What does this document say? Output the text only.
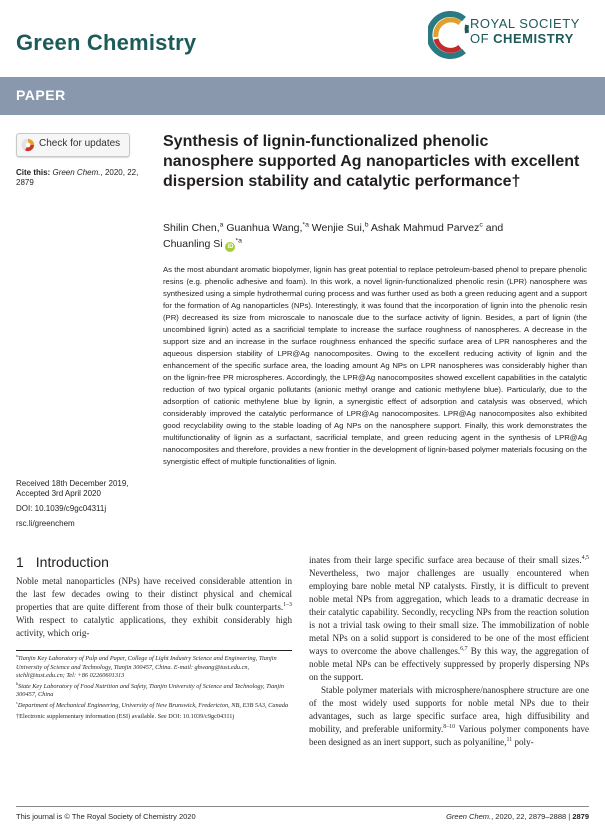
Green Chemistry
ROYAL SOCIETY
OF CHEMISTRY
PAPER
Check for updates
Cite this: Green Chem., 2020, 22,
2879
Received 18th December 2019,
Accepted 3rd April 2020
DOI: 10.1039/c9gc04311j
rsc.li/greenchem
Synthesis of lignin-functionalized phenolic nanosphere supported Ag nanoparticles with excellent dispersion stability and catalytic performance†
Shilin Chen,$^a$ Guanhua Wang,$^{*a}$ Wenjie Sui,$^b$ Ashak Mahmud Parvez$^c$ and
Chuanling Si $iD^{*a}$
As the most abundant aromatic biopolymer, lignin has great potential to replace petroleum-based phenol to prepare phenolic resins (e.g. phenolic adhesive and foam). In this work, a novel lignin-functionalized phenolic resin (LPR) nanosphere was synthesized using a simple hydrothermal curing process and was further used as both a green reducing agent and a support for the formation of Ag nanoparticles (NPs). Interestingly, it was found that the incorporation of lignin into the phenolic resin (PR) decreased its size from microscale to nanoscale due to the surface activity of lignin. Besides, a part of lignin (the uncombined lignin) acted as a sacrificial template to increase the surface roughness of nanospheres. A decrease in the support size and an increase in the surface roughness enhanced the specific surface area of LPR nanospheres and the aqueous dispersion stability of LPR@Ag nanocomposites. Owing to the excellent reducing activity of lignin and the enhancement of the specific surface area, the loading amount Ag NPs on LPR nanospheres was considerably higher than on the lignin-free PR microspheres. Accordingly, the LPR@Ag nanocomposites showed excellent capabilities in the catalytic reduction of two typical organic pollutants (anionic methyl orange and cationic methylene blue). Particularly, due to the adsorption of cationic methylene blue by lignin, a synergistic effect of adsorption and catalysis was observed, which considerably improved the catalytic performance of LPR@Ag nanocomposites. LPR@Ag nanocomposites also exhibited good recyclability owing to the stable loading of Ag NPs on the nanosphere support. Finally, this work demonstrates the multifunctionality of lignin as a surfactant, sacrificial template, and green reducing agent in the synthesis of LPR@Ag nanocomposites and therefore, provides a new frontier in the development of lignin-based polymer materials focusing on the synergistic effect of multiple functionalities of lignin.
1 Introduction
Noble metal nanoparticles (NPs) have received considerable attention in the last few decades owing to their distinct physical and chemical properties that are quite different from those of their bulk counterparts.$^{1-3}$ With respect to catalytic applications, they exhibit considerably high activity, which orig-
inates from their large specific surface area because of their small sizes.$^{4,5}$ Nevertheless, two major challenges are usually encountered when employing bare noble metal NP catalysts. Firstly, it is difficult to prevent noble metal NPs from aggregation, which leads to a dramatic decrease in their catalytic capability. Secondly, recycling NPs from the reaction solution is not a trivial task owing to their small size. The immobilization of noble metal NPs on a solid support is considered to be one of the most efficient ways to overcome the above challenges.$^{6,7}$ By this way, the aggregation of noble metal NPs can be effectively suppressed by properly dispersing NPs on the support.
Stable polymer materials with microsphere/nanosphere structure are one of the most widely used supports for noble metal NPs due to their advantages, such as large specific surface area, high diffusibility and mobility, and preferable uniformity.$^{8-10}$ Various polymer components have been designed as an inert support, such as polyaniline,$^{11}$ poly-
$^a$Tianjin Key Laboratory of Pulp and Paper, College of Light Industry Science and Engineering, Tianjin University of Science and Technology, Tianjin 300457, China. E-mail: ghwang@tust.edu.cn, sichli@tust.edu.cn; Tel: +86 02260601313
$^b$State Key Laboratory of Food Nutrition and Safety, Tianjin University of Science and Technology, Tianjin 300457, China
$^c$Department of Mechanical Engineering, University of New Brunswick, Fredericton, NB, E3B 5A3, Canada
†Electronic supplementary information (ESI) available. See DOI: 10.1039/c9gc04311j
This journal is © The Royal Society of Chemistry 2020	Green Chem., 2020, 22, 2879–2888 | 2879
